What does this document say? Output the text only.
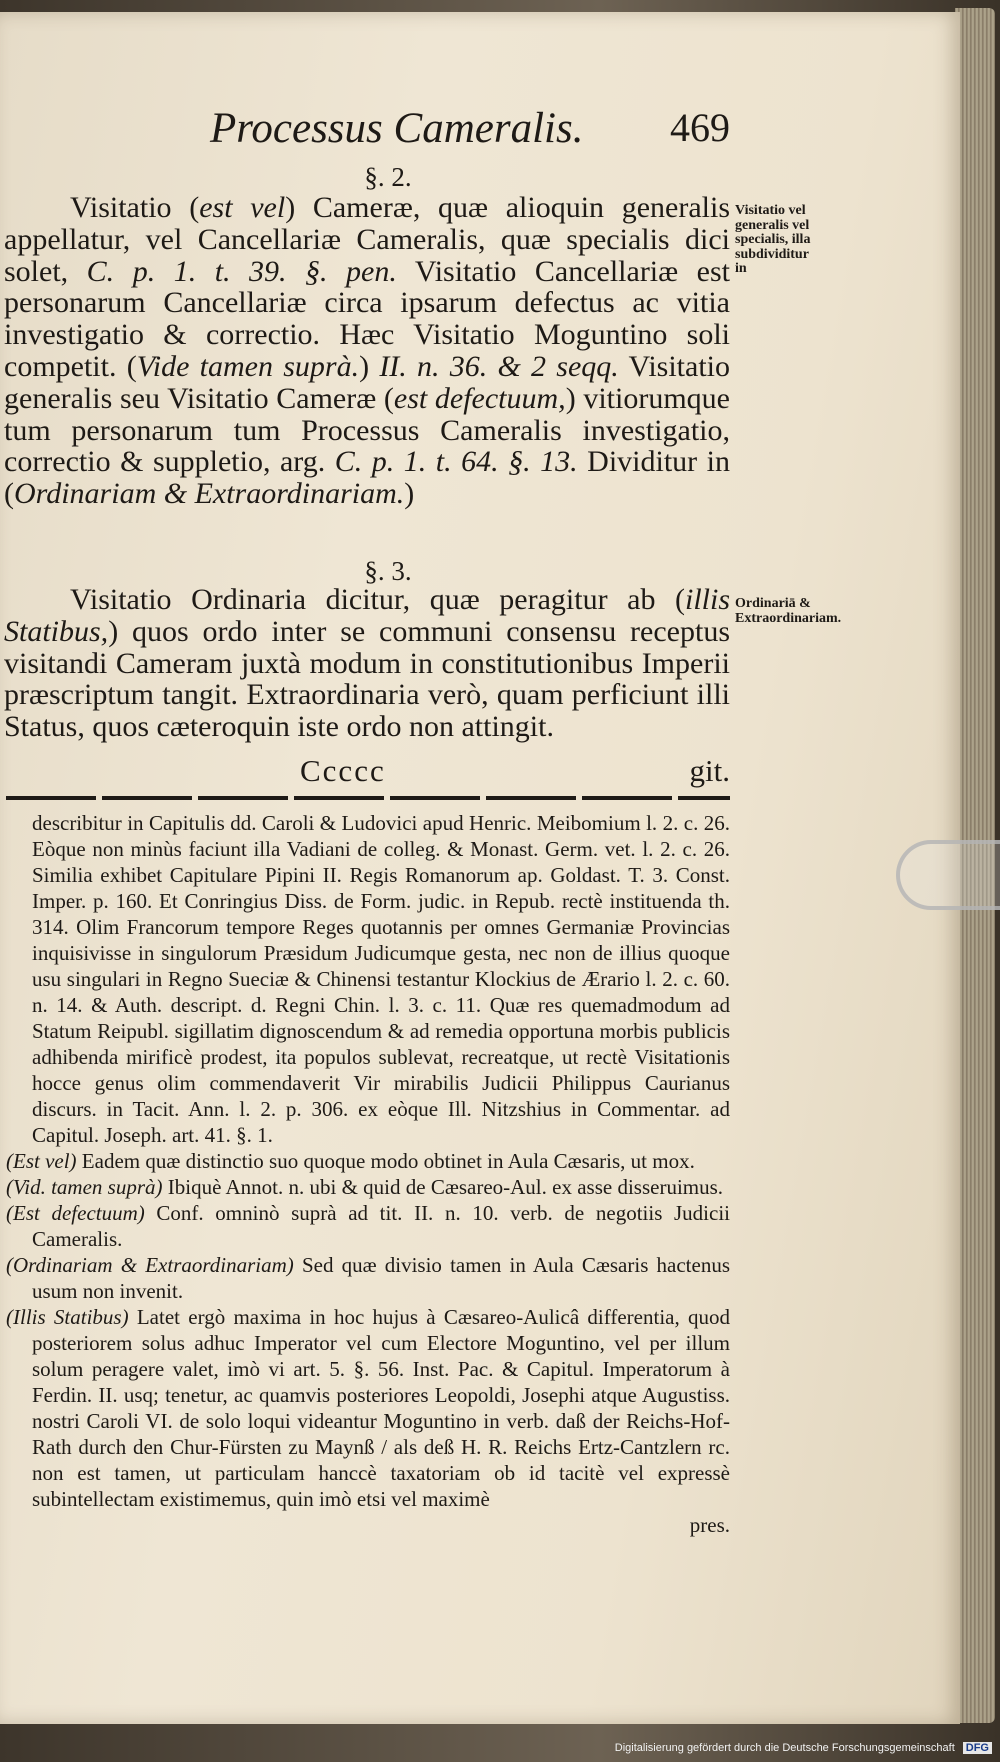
Processus Cameralis. 469
§. 2.

Visitatio (est vel) Cameræ, quæ alioquin generalis appellatur, vel Cancellariæ Cameralis, quæ specialis dici solet, C. p. 1. t. 39. §. pen. Visitatio Cancellariæ est personarum Cancellariæ circa ipsarum defectus ac vitia investigatio & correctio. Hæc Visitatio Moguntino soli competit. (Vide tamen suprà.) II. n. 36. & 2 seqq. Visitatio generalis seu Visitatio Cameræ (est defectuum,) vitiorumque tum personarum tum Processus Cameralis investigatio, correctio & suppletio, arg. C. p. 1. t. 64. §. 13. Dividitur in (Ordinariam & Extraordinariam.)

Visitatio vel generalis vel specialis, illa subdividitur in
§. 3.

Visitatio Ordinaria dicitur, quæ peragitur ab (illis Statibus,) quos ordo inter se communi consensu receptus visitandi Cameram juxtà modum in constitutionibus Imperii præscriptum tangit. Extraordinaria verò, quam perficiunt illi Status, quos cæteroquin iste ordo non attingit.

Ordinariā & Extraordinariam.
Ccccc	git.

describitur in Capitulis dd. Caroli & Ludovici apud Henric. Meibomium l. 2. c. 26. Eòque non minùs faciunt illa Vadiani de colleg. & Monast. Germ. vet. l. 2. c. 26. Similia exhibet Capitulare Pipini II. Regis Romanorum ap. Goldast. T. 3. Const. Imper. p. 160. Et Conringius Diss. de Form. judic. in Repub. rectè instituenda th. 314. Olim Francorum tempore Reges quotannis per omnes Germaniæ Provincias inquisivisse in singulorum Præsidum Judicumque gesta, nec non de illius quoque usu singulari in Regno Sueciæ & Chinensi testantur Klockius de Ærario l. 2. c. 60. n. 14. & Auth. descript. d. Regni Chin. l. 3. c. 11. Quæ res quemadmodum ad Statum Reipubl. sigillatim dignoscendum & ad remedia opportuna morbis publicis adhibenda mirificè prodest, ita populos sublevat, recreatque, ut rectè Visitationis hocce genus olim commendaverit Vir mirabilis Judicii Philippus Caurianus discurs. in Tacit. Ann. l. 2. p. 306. ex eòque Ill. Nitzshius in Commentar. ad Capitul. Joseph. art. 41. §. 1.

(Est vel) Eadem quæ distinctio suo quoque modo obtinet in Aula Cæsaris, ut mox.

(Vid. tamen suprà) Ibiquè Annot. n. ubi & quid de Cæsareo-Aul. ex asse disseruimus.

(Est defectuum) Conf. omninò suprà ad tit. II. n. 10. verb. de negotiis Judicii Cameralis.

(Ordinariam & Extraordinariam) Sed quæ divisio tamen in Aula Cæsaris hactenus usum non invenit.

(Illis Statibus) Latet ergò maxima in hoc hujus à Cæsareo-Aulicâ differentia, quod posteriorem solus adhuc Imperator vel cum Electore Moguntino, vel per illum solum peragere valet, imò vi art. 5. §. 56. Inst. Pac. & Capitul. Imperatorum à Ferdin. II. usq; tenetur, ac quamvis posteriores Leopoldi, Josephi atque Augustiss. nostri Caroli VI. de solo loqui videantur Moguntino in verb. daß der Reichs-Hof-Rath durch den Chur-Fürsten zu Maynß / als deß H. R. Reichs Ertz-Cantzlern rc. non est tamen, ut particulam hanccè taxatoriam ob id tacitè vel expressè subintellectam existimemus, quin imò etsi vel maximè

pres.

Digitalisierung gefördert durch die Deutsche Forschungsgemeinschaft DFG
